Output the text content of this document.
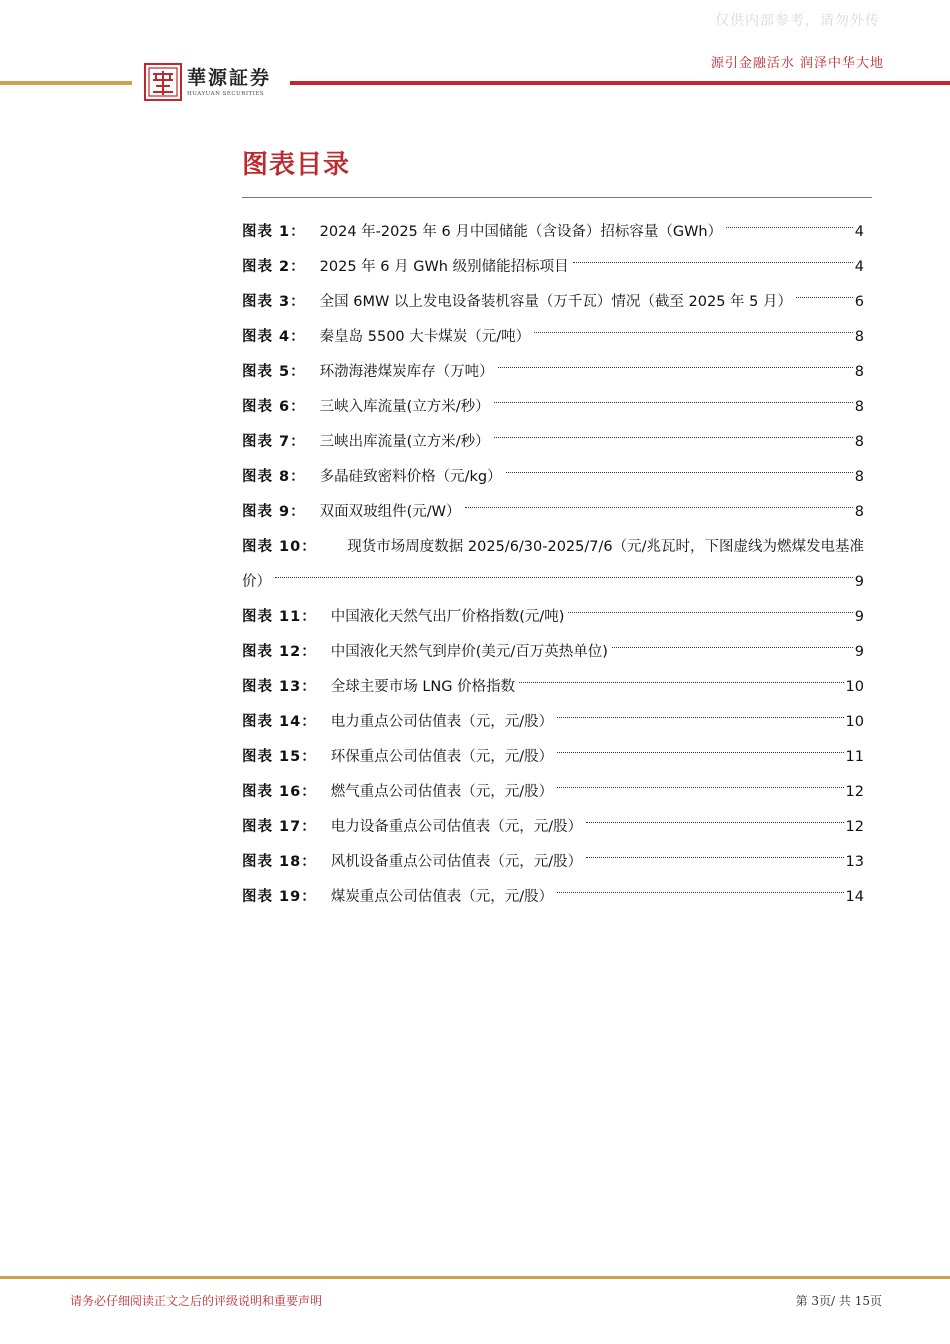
仅供内部参考，请勿外传
源引金融活水 润泽中华大地
華源証券
HUAYUAN SECURITIES
图表目录
图表 1： 2024 年-2025 年 6 月中国储能（含设备）招标容量（GWh）	4
图表 2： 2025 年 6 月 GWh 级别储能招标项目	4
图表 3： 全国 6MW 以上发电设备装机容量（万千瓦）情况（截至 2025 年 5 月）	6
图表 4： 秦皇岛 5500 大卡煤炭（元/吨）	8
图表 5： 环渤海港煤炭库存（万吨）	8
图表 6： 三峡入库流量(立方米/秒）	8
图表 7： 三峡出库流量(立方米/秒）	8
图表 8： 多晶硅致密料价格（元/kg）	8
图表 9： 双面双玻组件(元/W）	8
图表 10： 现货市场周度数据 2025/6/30-2025/7/6（元/兆瓦时，下图虚线为燃煤发电基准
价）	9
图表 11： 中国液化天然气出厂价格指数(元/吨)	9
图表 12： 中国液化天然气到岸价(美元/百万英热单位)	9
图表 13： 全球主要市场 LNG 价格指数	10
图表 14： 电力重点公司估值表（元，元/股）	10
图表 15： 环保重点公司估值表（元，元/股）	11
图表 16： 燃气重点公司估值表（元，元/股）	12
图表 17： 电力设备重点公司估值表（元，元/股）	12
图表 18： 风机设备重点公司估值表（元，元/股）	13
图表 19： 煤炭重点公司估值表（元，元/股）	14
请务必仔细阅读正文之后的评级说明和重要声明	第 3页/ 共 15页
